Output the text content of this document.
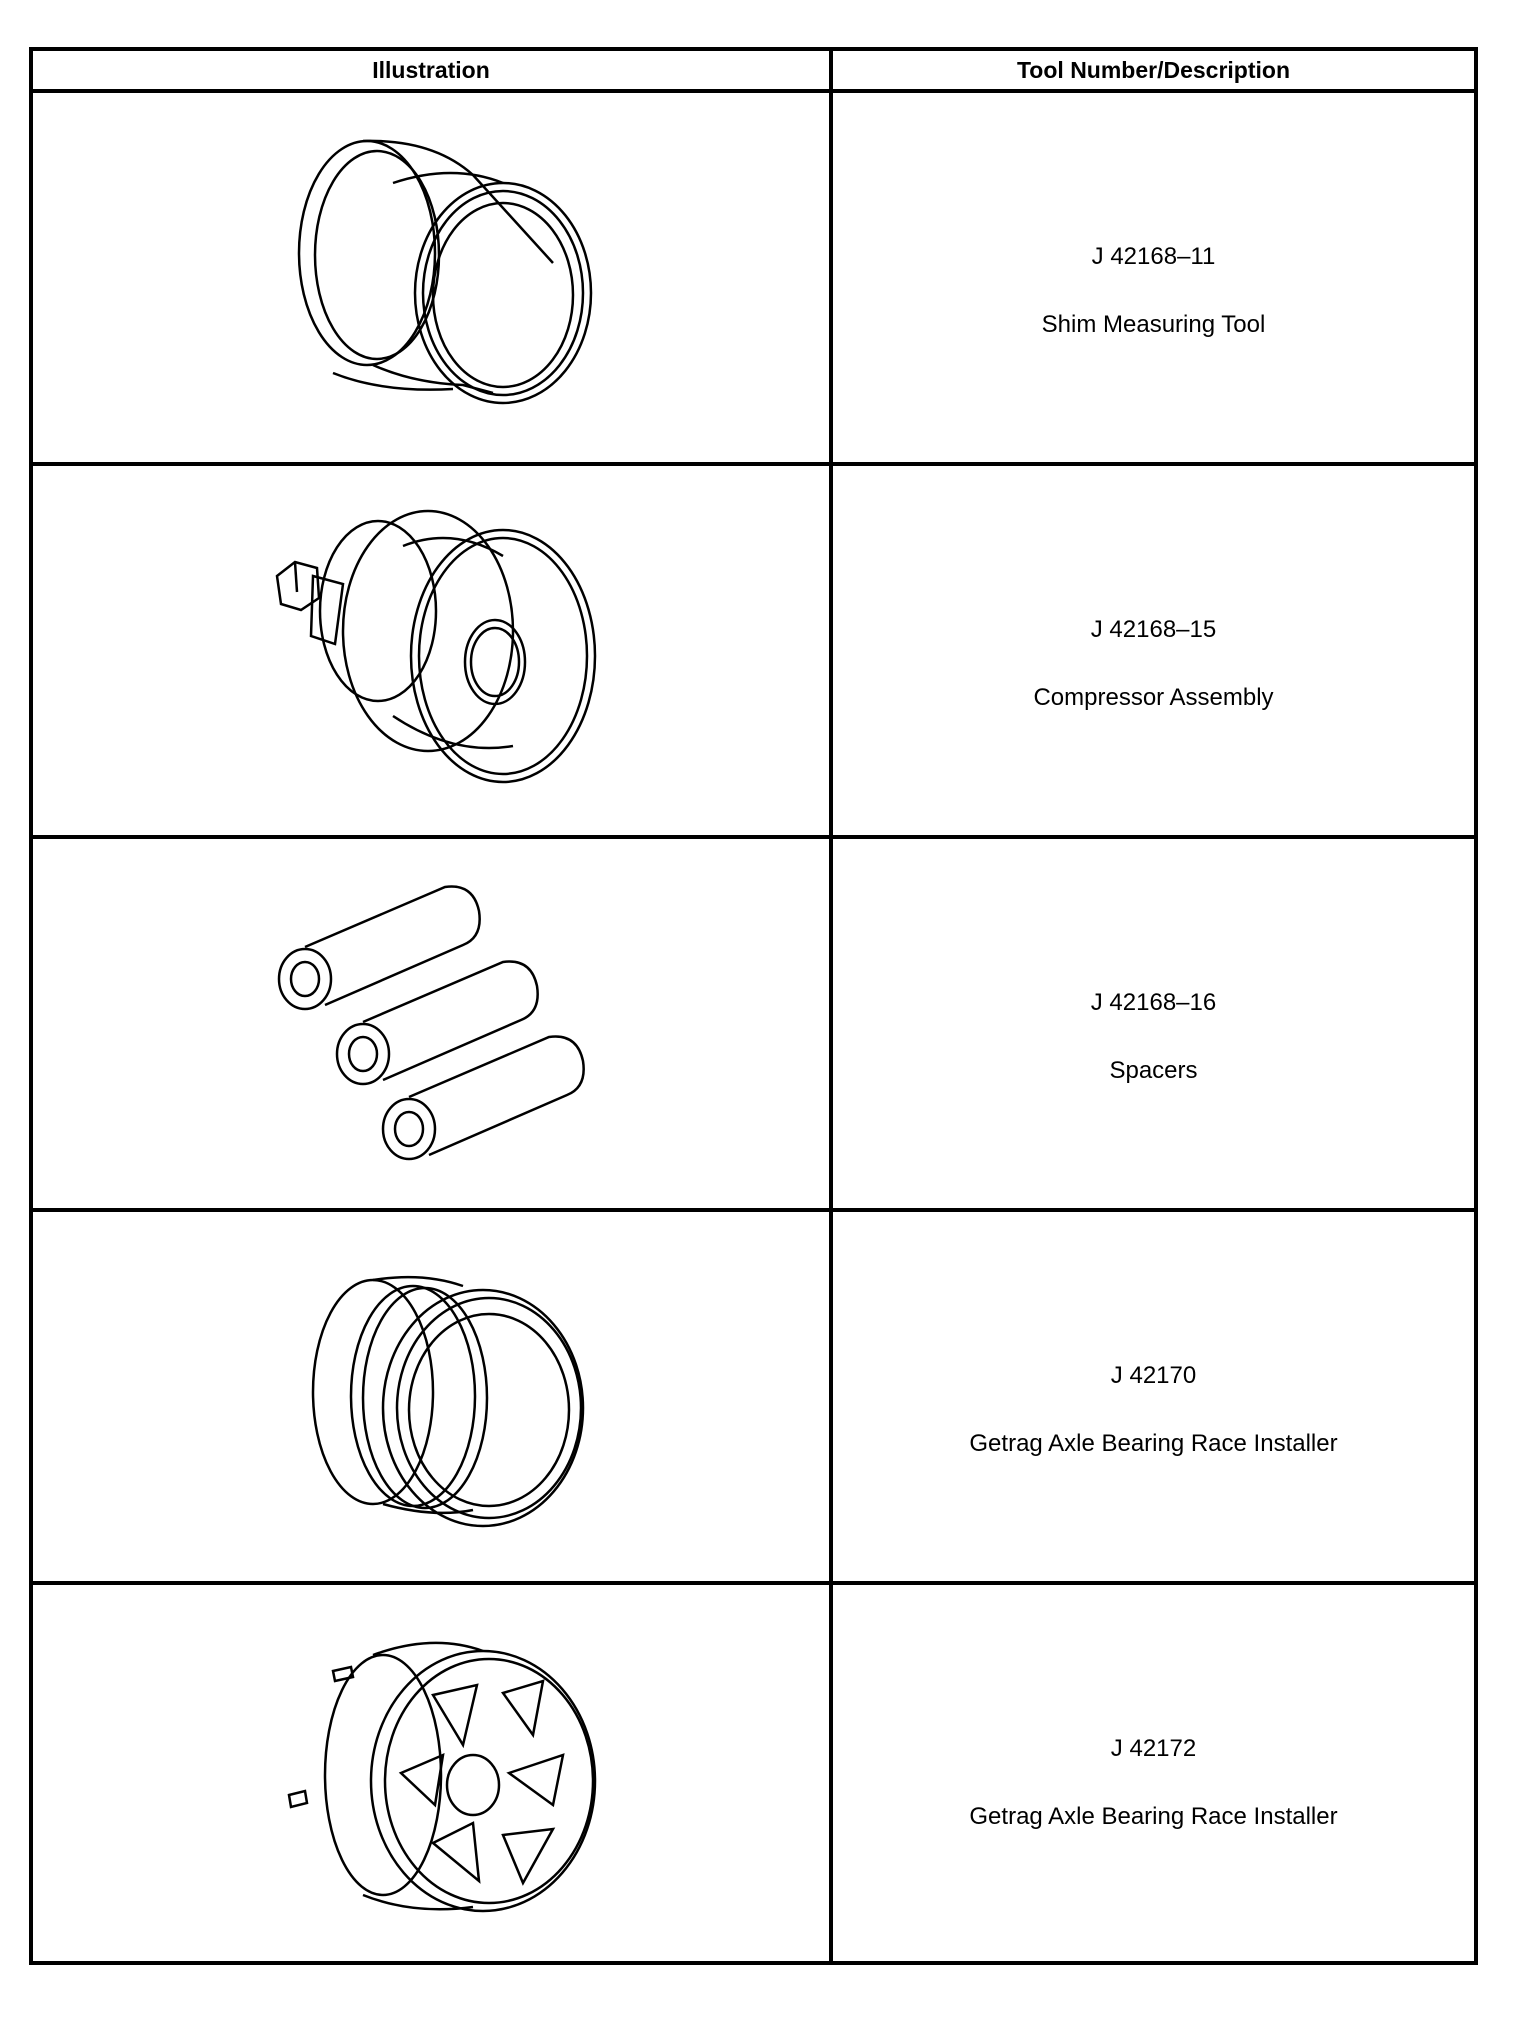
Illustration	Tool Number/Description
J 42168–11
Shim Measuring Tool
J 42168–15
Compressor Assembly
J 42168–16
Spacers
J 42170
Getrag Axle Bearing Race Installer
J 42172
Getrag Axle Bearing Race Installer
